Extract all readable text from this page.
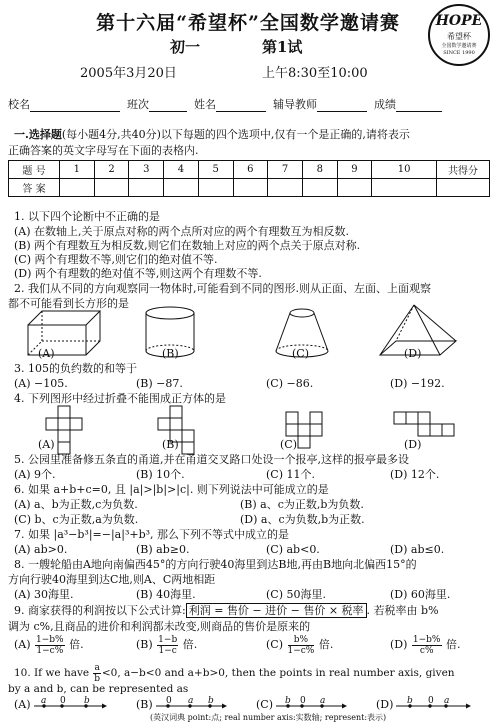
第十六届“希望杯”全国数学邀请赛	HOPE
希望杯
全国数学邀请赛
SINCE 1990
初一	第1试
2005年3月20日	上午8:30至10:00
校名	班次	姓名	辅导教师	成绩
一.选择题(每小题4分,共40分)以下每题的四个选项中,仅有一个是正确的,请将表示
正确答案的英文字母写在下面的表格内.
题 号	1	2	3	4	5	6	7	8	9	10	共得分
答 案											
1. 以下四个论断中不正确的是
(A) 在数轴上,关于原点对称的两个点所对应的两个有理数互为相反数.
(B) 两个有理数互为相反数,则它们在数轴上对应的两个点关于原点对称.
(C) 两个有理数不等,则它们的绝对值不等.
(D) 两个有理数的绝对值不等,则这两个有理数不等.
2. 我们从不同的方向观察同一物体时,可能看到不同的图形.则从正面、左面、上面观察
都不可能看到长方形的是
(A)	(B)	(C)	(D)
3. 105的负约数的和等于
(A) −105.	(B) −87.	(C) −86.	(D) −192.
4. 下列图形中经过折叠不能围成正方体的是
(A)	(B)	(C)	(D)
5. 公园里准备修五条直的甬道,并在甬道交叉路口处设一个报亭,这样的报亭最多设
(A) 9个.	(B) 10个.	(C) 11个.	(D) 12个.
6. 如果 a+b+c=0, 且 |a|>|b|>|c|. 则下列说法中可能成立的是
(A) a、b为正数,c为负数.	(B) a、c为正数,b为负数.
(C) b、c为正数,a为负数.	(D) a、c为负数,b为正数.
7. 如果 |a³−b³|=−|a|³+b³, 那么下列不等式中成立的是
(A) ab>0.	(B) ab≥0.	(C) ab<0.	(D) ab≤0.
8. 一艘轮船由A地向南偏西45°的方向行驶40海里到达B地,再由B地向北偏西15°的
方向行驶40海里到达C地,则A、C两地相距
(A) 30海里.	(B) 40海里.	(C) 50海里.	(D) 60海里.
9. 商家获得的利润按以下公式计算: 利润 = 售价 − 进价 − 售价 × 税率 . 若税率由 b%
调为 c%,且商品的进价和利润都未改变,则商品的售价是原来的
$(A) \frac{1-b\%}{1-c\%}$ 倍.	$(B) \frac{1-b}{1-c}$ 倍.	$(C) \frac{b\%}{1-c\%}$ 倍.	$(D) \frac{1-b\%}{c\%}$ 倍.
10. If we have $\frac{a}{b} <0$, a−b<0 and a+b>0, then the points in real number axis, given
by a and b, can be represented as
(A)	(B)	(C)	(D)
a 0 b	0 a b	b 0 a	b 0 a
(英汉词典 point:点; real number axis:实数轴; represent:表示)
